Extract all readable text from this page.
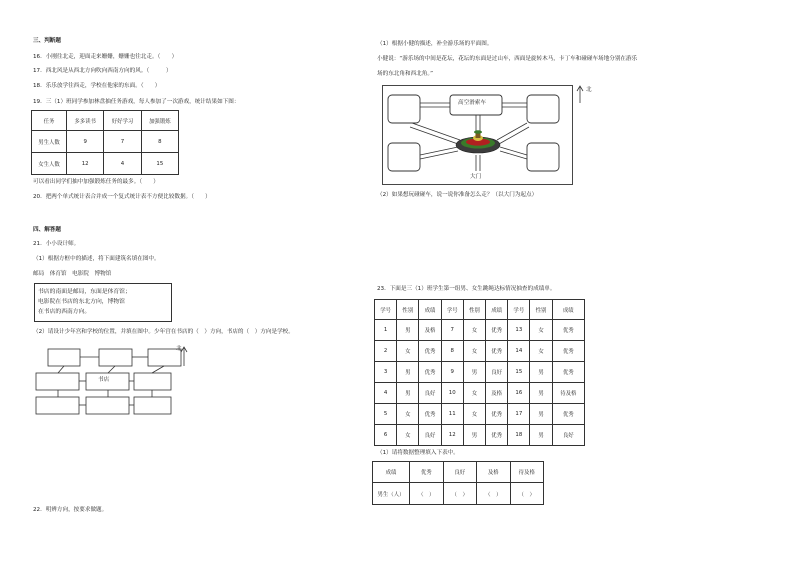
三、判断题
16．小刚往北走，迎面走来姗姗，姗姗也往北走。（　　）
17．西北风是从西北方向吹向西南方向的风。（　　　）
18．乐乐放学往西走，学校在他家的东面。（　　）
19．三（1）班同学参加林盘抽任务游戏，每人参加了一次游戏，统计结果如下图：
任务	多多读书	好好学习	加强锻炼
男生人数	9	7	8
女生人数	12	4	15
可以看出同学们抽中加强锻炼任务的最多。（　　）
20．把两个单式统计表合并成一个复式统计表不方便比较数据。（　　）
四、解答题
21．小小设计师。
（1）根据方框中的描述，将下面建筑名填在图中。
邮局　体育馆　电影院　博物馆
书店的南面是邮局，东面是体育馆；
电影院在书店的东北方向，博物馆
在书店的西南方向。
（2）请设计少年宫和学校的位置，并填在图中。少年宫在书店的（　）方向，书店的（　）方向是学校。
书店
北
22．明辨方向，按要求做题。
（1）根据小健的描述，补全游乐场的平面图。
小健说：“游乐场的中间是花坛，花坛的东面是过山车，西面是旋转木马，卡丁车和碰碰车场地分别在游乐
场的东北角和西北角。”
高空滑索车
大门
北
（2）如果想玩碰碰车，说一说你准备怎么走？（以大门为起点）
23．下面是三（1）班学生第一组男、女生跳绳达标情况抽查的成绩单。
学号	性别	成绩	学号	性别	成绩	学号	性别	成绩
1	男	及格	7	女	优秀	13	女	优秀
2	女	优秀	8	女	优秀	14	女	优秀
3	男	优秀	9	男	良好	15	男	优秀
4	男	良好	10	女	及格	16	男	待及格
5	女	优秀	11	女	优秀	17	男	优秀
6	女	良好	12	男	优秀	18	男	良好
（1）请将数据整理填入下表中。
成绩	优秀	良好	及格	待及格
男生（人）	（　）	（　）	（　）	（　）
